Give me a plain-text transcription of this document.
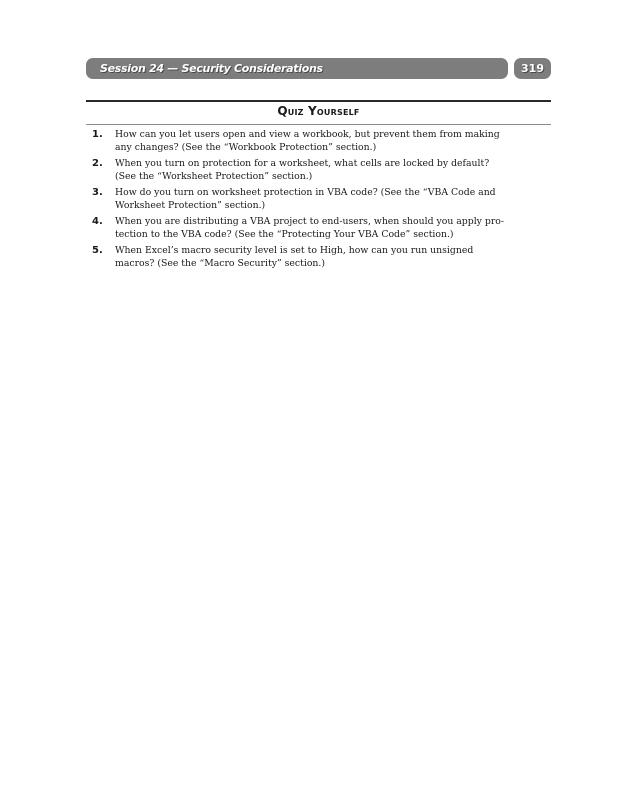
Session 24 — Security Considerations	319
Quiz Yourself
1.	How can you let users open and view a workbook, but prevent them from making
any changes? (See the “Workbook Protection” section.)
2.	When you turn on protection for a worksheet, what cells are locked by default?
(See the “Worksheet Protection” section.)
3.	How do you turn on worksheet protection in VBA code? (See the “VBA Code and
Worksheet Protection” section.)
4.	When you are distributing a VBA project to end-users, when should you apply pro-
tection to the VBA code? (See the “Protecting Your VBA Code” section.)
5.	When Excel’s macro security level is set to High, how can you run unsigned
macros? (See the “Macro Security” section.)
